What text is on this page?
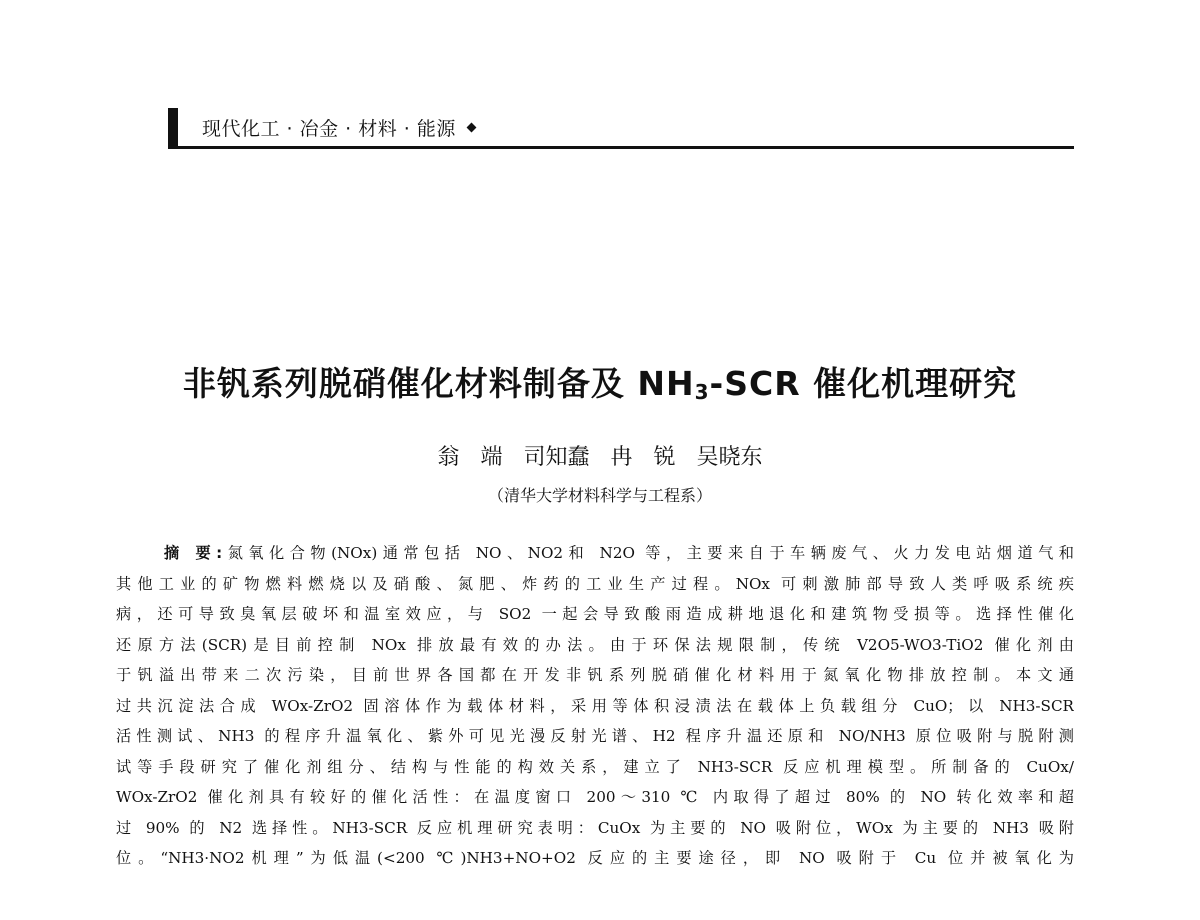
现代化工 · 冶金 · 材料 · 能源
非钒系列脱硝催化材料制备及 $NH_3$-SCR 催化机理研究
翁 端 司知蠢 冉 锐 吴晓东
（清华大学材料科学与工程系）
摘 要:氮氧化合物(NOx)通常包括 NO、NO2和 N2O 等，主要来自于车辆废气、火力发电站烟道气和
其他工业的矿物燃料燃烧以及硝酸、氮肥、炸药的工业生产过程。NOx 可刺激肺部导致人类呼吸系统疾
病，还可导致臭氧层破坏和温室效应，与 SO2 一起会导致酸雨造成耕地退化和建筑物受损等。选择性催化
还原方法(SCR)是目前控制 NOx 排放最有效的办法。由于环保法规限制，传统 V2O5-WO3-TiO2 催化剂由
于钒溢出带来二次污染，目前世界各国都在开发非钒系列脱硝催化材料用于氮氧化物排放控制。本文通
过共沉淀法合成 WOx-ZrO2 固溶体作为载体材料，采用等体积浸渍法在载体上负载组分 CuO；以 NH3-SCR
活性测试、NH3 的程序升温氧化、紫外可见光漫反射光谱、H2 程序升温还原和 NO/NH3 原位吸附与脱附测
试等手段研究了催化剂组分、结构与性能的构效关系，建立了 NH3-SCR 反应机理模型。所制备的 CuOx/
WOx-ZrO2 催化剂具有较好的催化活性：在温度窗口 200～310 ℃ 内取得了超过 80% 的 NO 转化效率和超
过 90% 的 N2 选择性。NH3-SCR 反应机理研究表明：CuOx 为主要的 NO 吸附位，WOx 为主要的 NH3 吸附
位。“NH3·NO2机理”为低温(<200 ℃)NH3+NO+O2 反应的主要途径，即 NO 吸附于 Cu 位并被氧化为
